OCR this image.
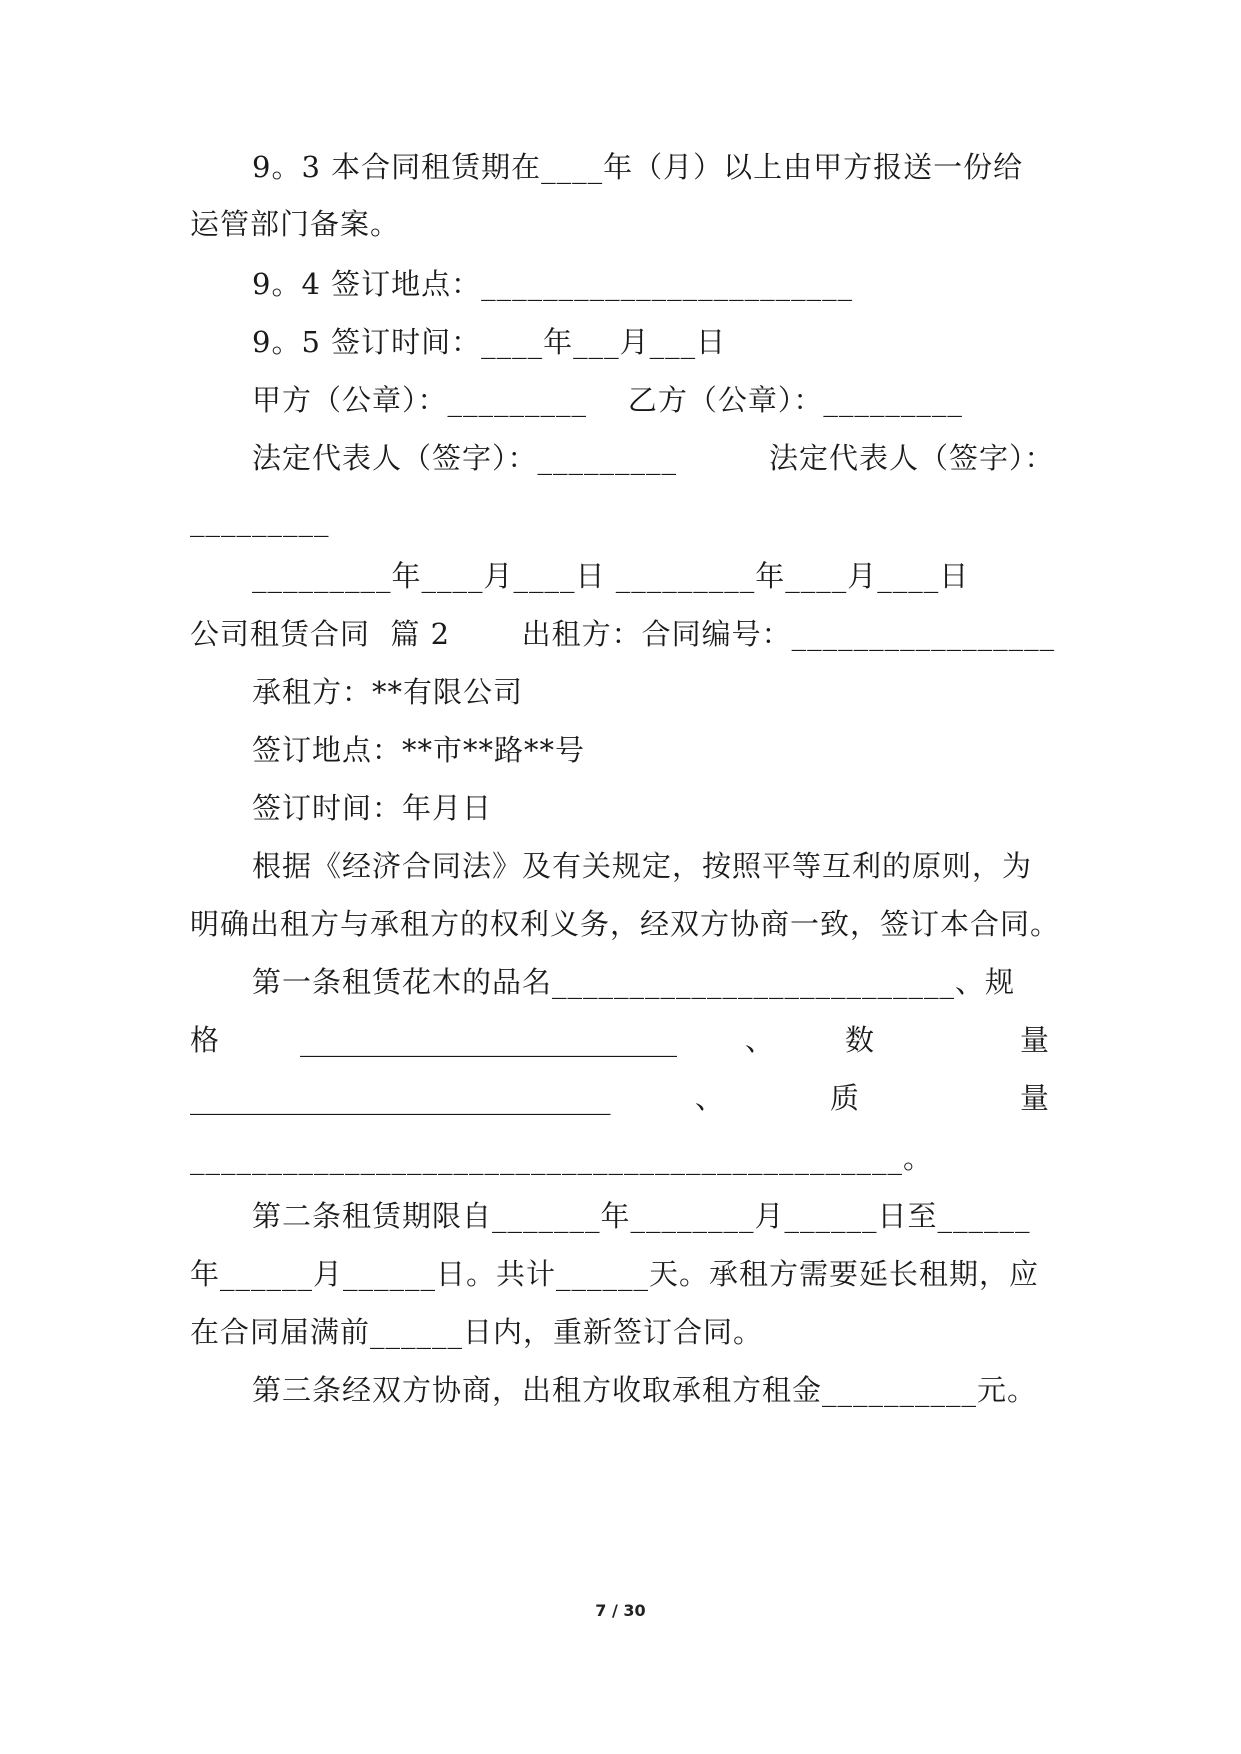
9。3 本合同租赁期在____年（月）以上由甲方报送一份给
运管部门备案。
9。4 签订地点：________________________
9。5 签订时间：____年___月___日
甲方（公章）：_________    乙方（公章）：_________
法定代表人（签字）：_________         法定代表人（签字）：
_________
_________年____月____日 _________年____月____日
公司租赁合同  篇 2       出租方：合同编号：_________________
承租方：**有限公司
签订地点：**市**路**号
签订时间：年月日
根据《经济合同法》及有关规定，按照平等互利的原则，为
明确出租方与承租方的权利义务，经双方协商一致，签订本合同。
第一条租赁花木的品名__________________________、规

格

	__________________________

、

数

	量

_____________________________

	、

	质

	量

______________________________________________。
第二条租赁期限自_______年________月______日至______
年______月______日。共计______天。承租方需要延长租期，应
在合同届满前______日内，重新签订合同。
第三条经双方协商，出租方收取承租方租金__________元。
7 / 30
